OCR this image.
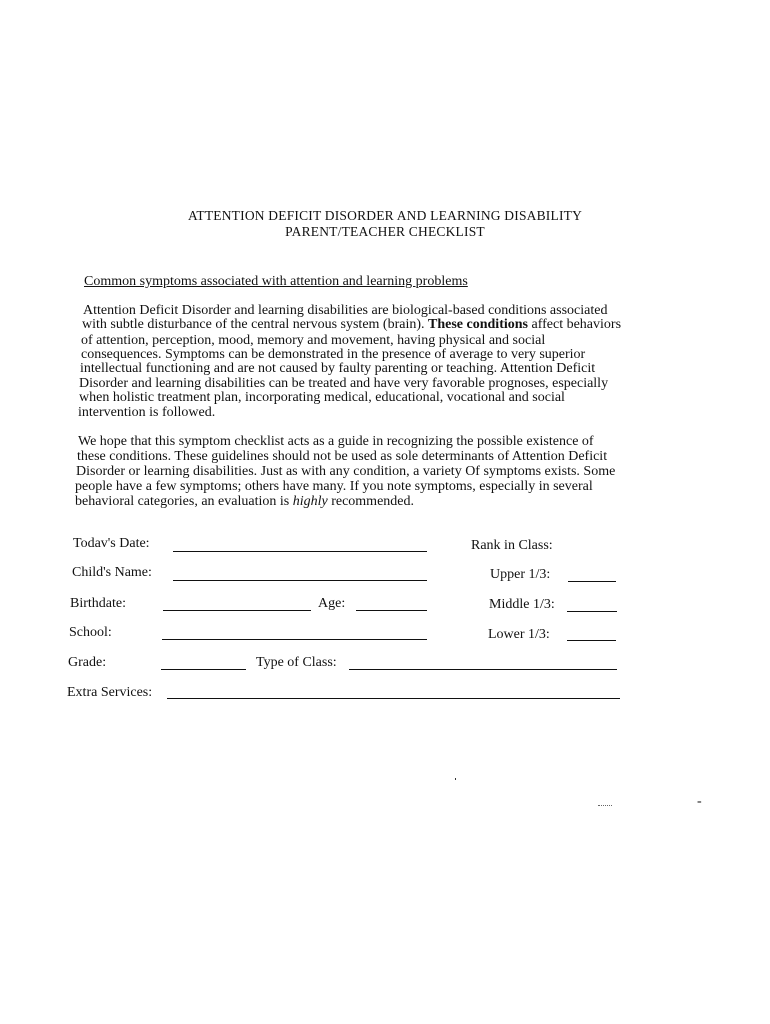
ATTENTION DEFICIT DISORDER AND LEARNING DISABILITY
PARENT/TEACHER CHECKLIST
Common symptoms associated with attention and learning problems
Attention Deficit Disorder and learning disabilities are biological-based conditions associated
with subtle disturbance of the central nervous system (brain). These conditions affect behaviors
of attention, perception, mood, memory and movement, having physical and social
consequences. Symptoms can be demonstrated in the presence of average to very superior
intellectual functioning and are not caused by faulty parenting or teaching. Attention Deficit
Disorder and learning disabilities can be treated and have very favorable prognoses, especially
when holistic treatment plan, incorporating medical, educational, vocational and social
intervention is followed.
We hope that this symptom checklist acts as a guide in recognizing the possible existence of
these conditions. These guidelines should not be used as sole determinants of Attention Deficit
Disorder or learning disabilities. Just as with any condition, a variety Of symptoms exists. Some
people have a few symptoms; others have many. If you note symptoms, especially in several
behavioral categories, an evaluation is highly recommended.
Todav's Date:
Child's Name:
Birthdate:	Age:
School:
Grade:	Type of Class:
Extra Services:
Rank in Class:
Upper 1/3:
Middle 1/3:
Lower 1/3:
-
